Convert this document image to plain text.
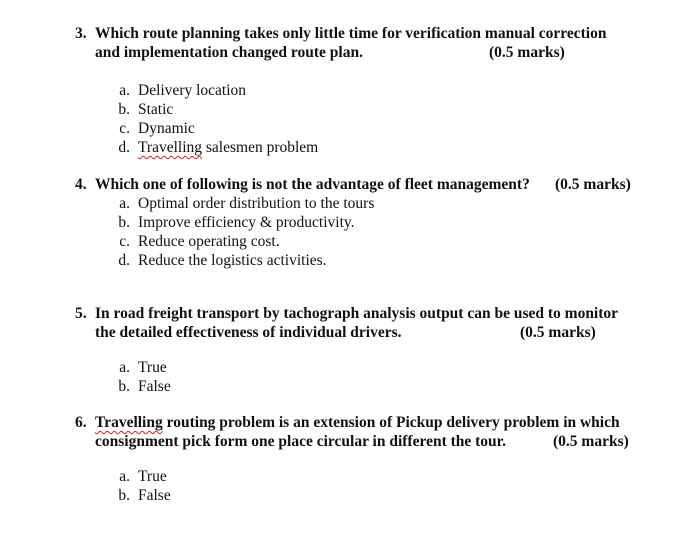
3. Which route planning takes only little time for verification manual correction
and implementation changed route plan.	(0.5 marks)
a. Delivery location
b. Static
c. Dynamic
d. Travelling salesmen problem
4. Which one of following is not the advantage of fleet management? (0.5 marks)
a. Optimal order distribution to the tours
b. Improve efficiency & productivity.
c. Reduce operating cost.
d. Reduce the logistics activities.
5. In road freight transport by tachograph analysis output can be used to monitor
the detailed effectiveness of individual drivers.	(0.5 marks)
a. True
b. False
6. Travelling routing problem is an extension of Pickup delivery problem in which
consignment pick form one place circular in different the tour.	(0.5 marks)
a. True
b. False
